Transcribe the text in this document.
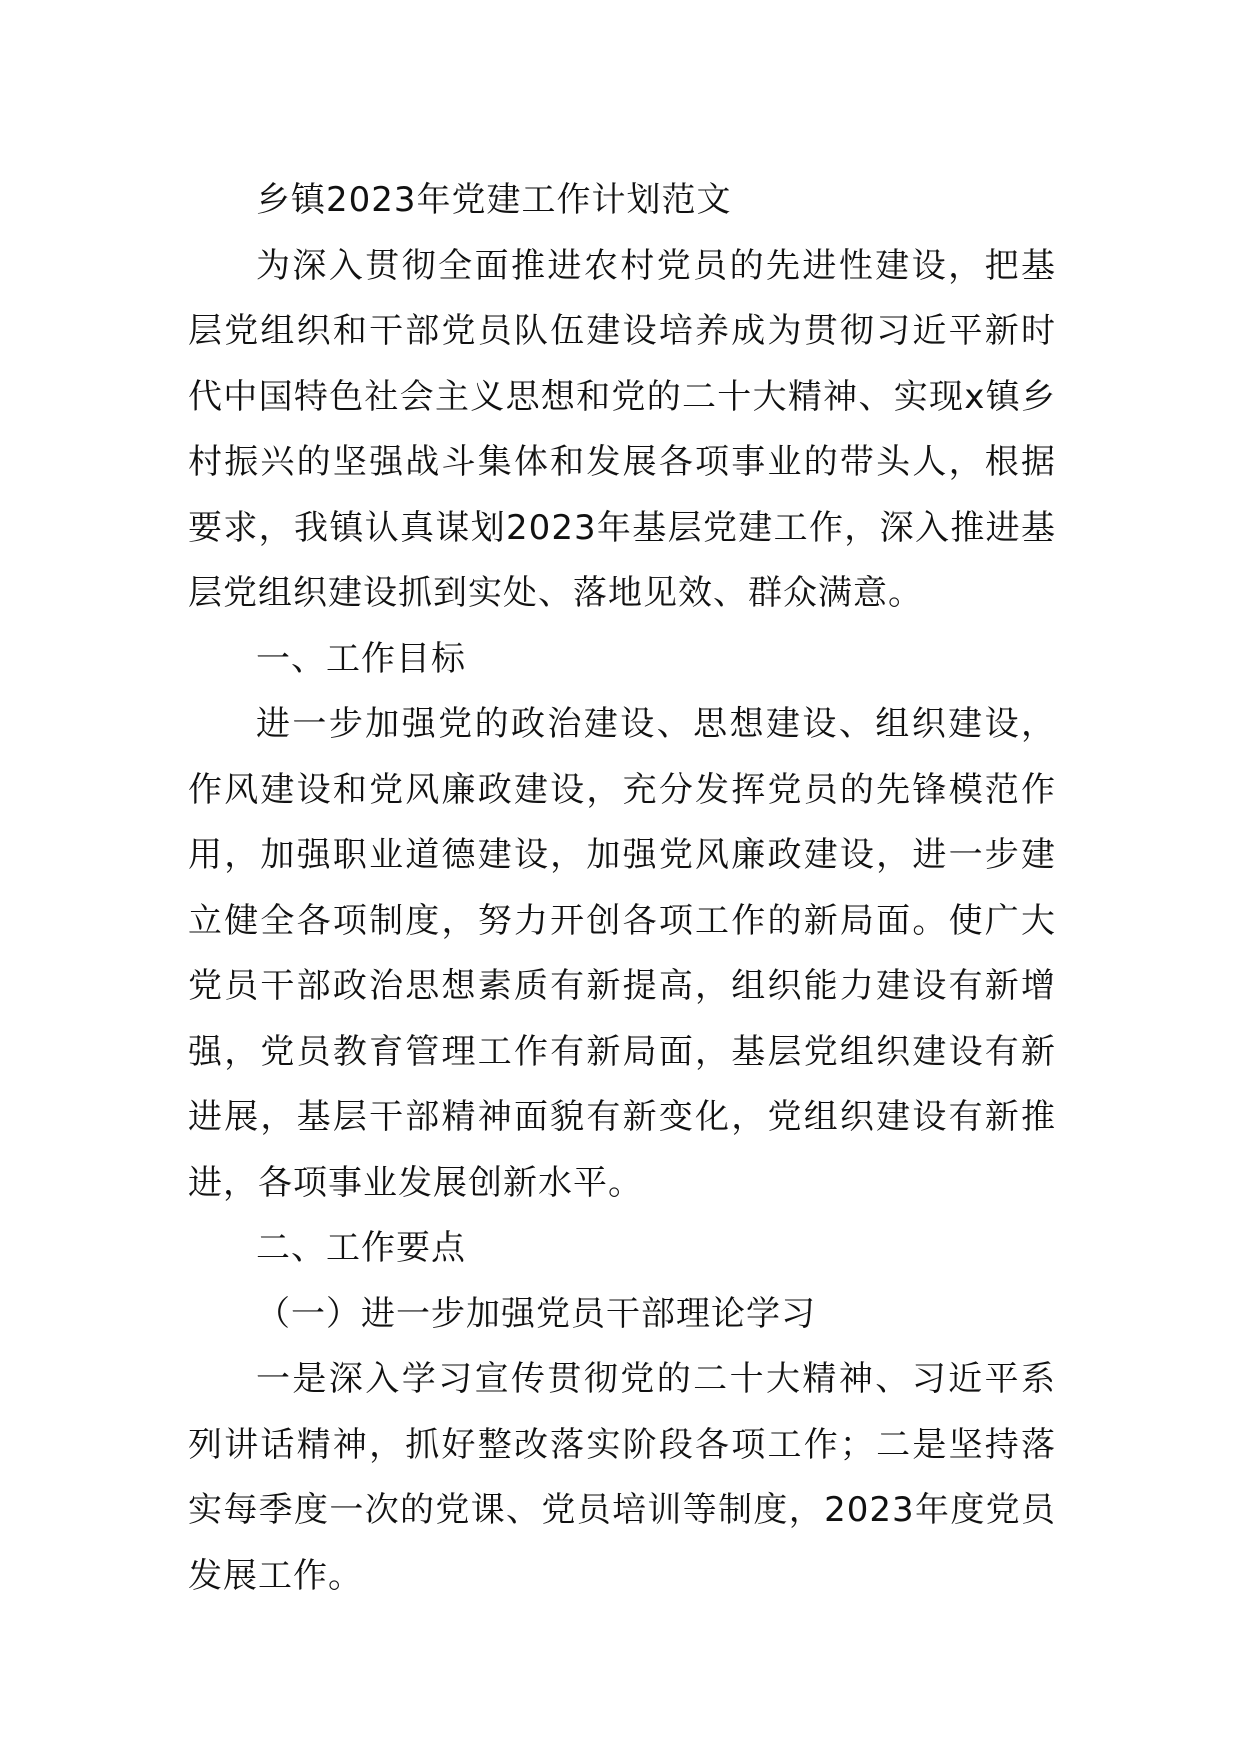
乡镇2023年党建工作计划范文

为深入贯彻全面推进农村党员的先进性建设，把基层党组织和干部党员队伍建设培养成为贯彻习近平新时代中国特色社会主义思想和党的二十大精神、实现x镇乡村振兴的坚强战斗集体和发展各项事业的带头人，根据要求，我镇认真谋划2023年基层党建工作，深入推进基层党组织建设抓到实处、落地见效、群众满意。

一、工作目标

进一步加强党的政治建设、思想建设、组织建设，作风建设和党风廉政建设，充分发挥党员的先锋模范作用，加强职业道德建设，加强党风廉政建设，进一步建立健全各项制度，努力开创各项工作的新局面。使广大党员干部政治思想素质有新提高，组织能力建设有新增强，党员教育管理工作有新局面，基层党组织建设有新进展，基层干部精神面貌有新变化，党组织建设有新推进，各项事业发展创新水平。

二、工作要点

（一）进一步加强党员干部理论学习

一是深入学习宣传贯彻党的二十大精神、习近平系列讲话精神，抓好整改落实阶段各项工作；二是坚持落实每季度一次的党课、党员培训等制度，2023年度党员发展工作。
